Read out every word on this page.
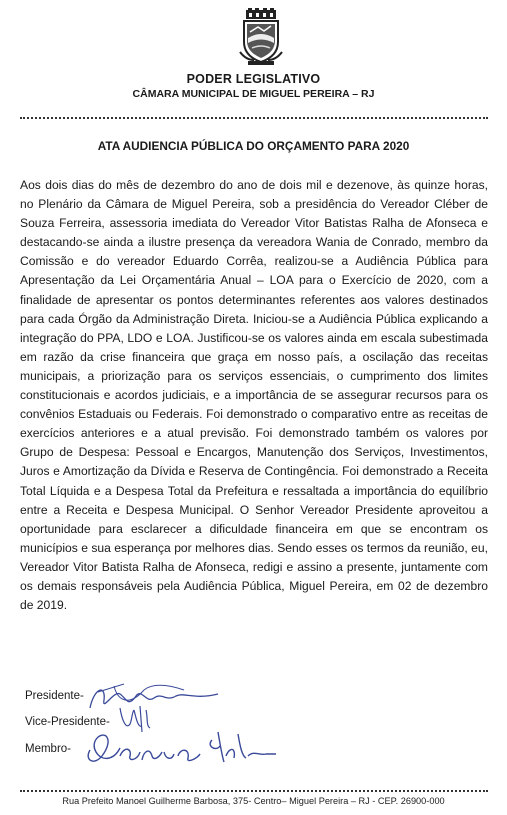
PODER LEGISLATIVO
CÂMARA MUNICIPAL DE MIGUEL PEREIRA – RJ
ATA AUDIENCIA PÚBLICA DO ORÇAMENTO PARA 2020

Aos dois dias do mês de dezembro do ano de dois mil e dezenove, às quinze horas, no Plenário da Câmara de Miguel Pereira, sob a presidência do Vereador Cléber de Souza Ferreira, assessoria imediata do Vereador Vitor Batistas Ralha de Afonseca e destacando-se ainda a ilustre presença da vereadora Wania de Conrado, membro da Comissão e do vereador Eduardo Corrêa, realizou-se a Audiência Pública para Apresentação da Lei Orçamentária Anual – LOA para o Exercício de 2020, com a finalidade de apresentar os pontos determinantes referentes aos valores destinados para cada Órgão da Administração Direta. Iniciou-se a Audiência Pública explicando a integração do PPA, LDO e LOA. Justificou-se os valores ainda em escala subestimada em razão da crise financeira que graça em nosso país, a oscilação das receitas municipais, a priorização para os serviços essenciais, o cumprimento dos limites constitucionais e acordos judiciais, e a importância de se assegurar recursos para os convênios Estaduais ou Federais. Foi demonstrado o comparativo entre as receitas de exercícios anteriores e a atual previsão. Foi demonstrado também os valores por Grupo de Despesa: Pessoal e Encargos, Manutenção dos Serviços, Investimentos, Juros e Amortização da Dívida e Reserva de Contingência. Foi demonstrado a Receita Total Líquida e a Despesa Total da Prefeitura e ressaltada a importância do equilíbrio entre a Receita e Despesa Municipal. O Senhor Vereador Presidente aproveitou a oportunidade para esclarecer a dificuldade financeira em que se encontram os municípios e sua esperança por melhores dias. Sendo esses os termos da reunião, eu, Vereador Vitor Batista Ralha de Afonseca, redigi e assino a presente, juntamente com os demais responsáveis pela Audiência Pública, Miguel Pereira, em 02 de dezembro de 2019.

Presidente-
Vice-Presidente-
Membro-
Rua Prefeito Manoel Guilherme Barbosa, 375- Centro– Miguel Pereira – RJ - CEP. 26900-000
